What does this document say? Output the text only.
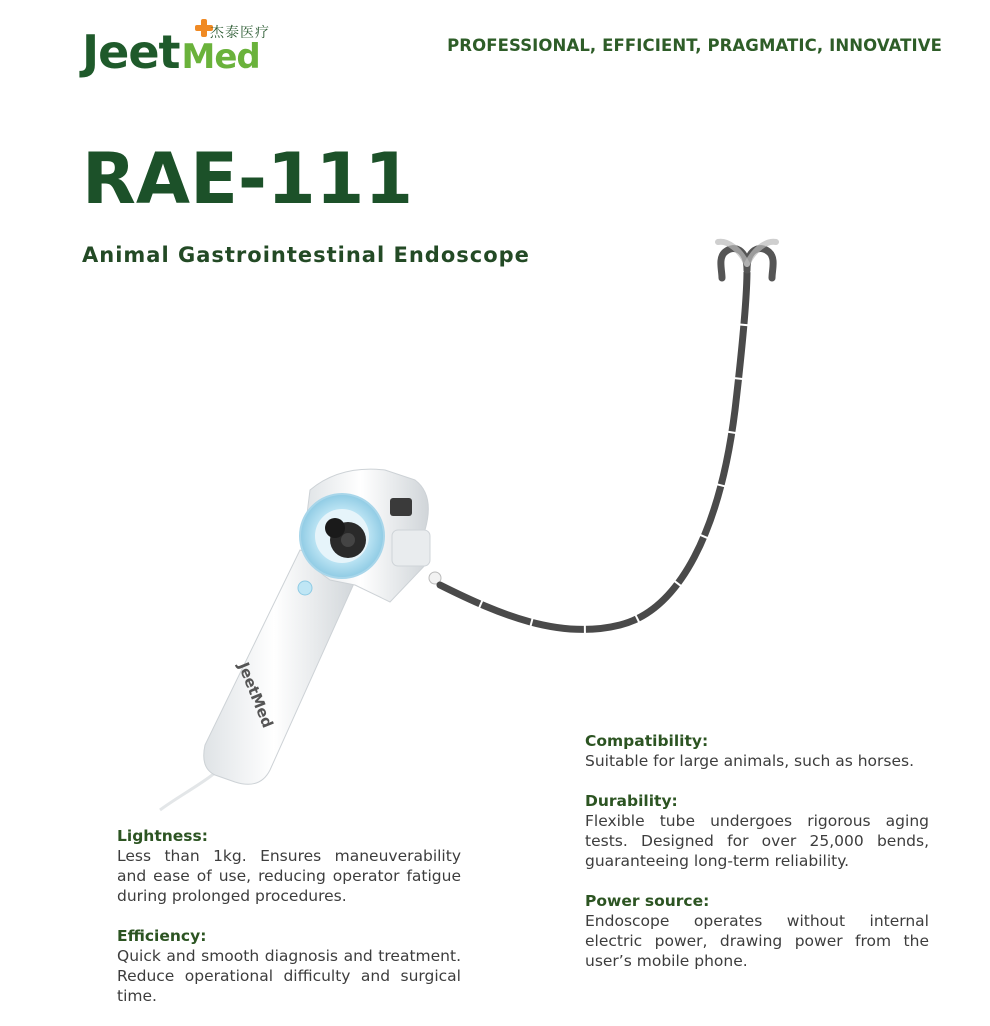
JeetMed
杰泰医疗
PROFESSIONAL, EFFICIENT, PRAGMATIC, INNOVATIVE
RAE-111
Animal Gastrointestinal Endoscope
JeetMed
Lightness:

Less than 1kg. Ensures maneuverability and ease of use, reducing operator fatigue during prolonged procedures.

Efficiency:

Quick and smooth diagnosis and treatment. Reduce operational difficulty and surgical time.

Compatibility:

Suitable for large animals, such as horses.

Durability:

Flexible tube undergoes rigorous aging tests. Designed for over 25,000 bends, guaranteeing long-term reliability.

Power source:

Endoscope operates without internal electric power, drawing power from the user’s mobile phone.
